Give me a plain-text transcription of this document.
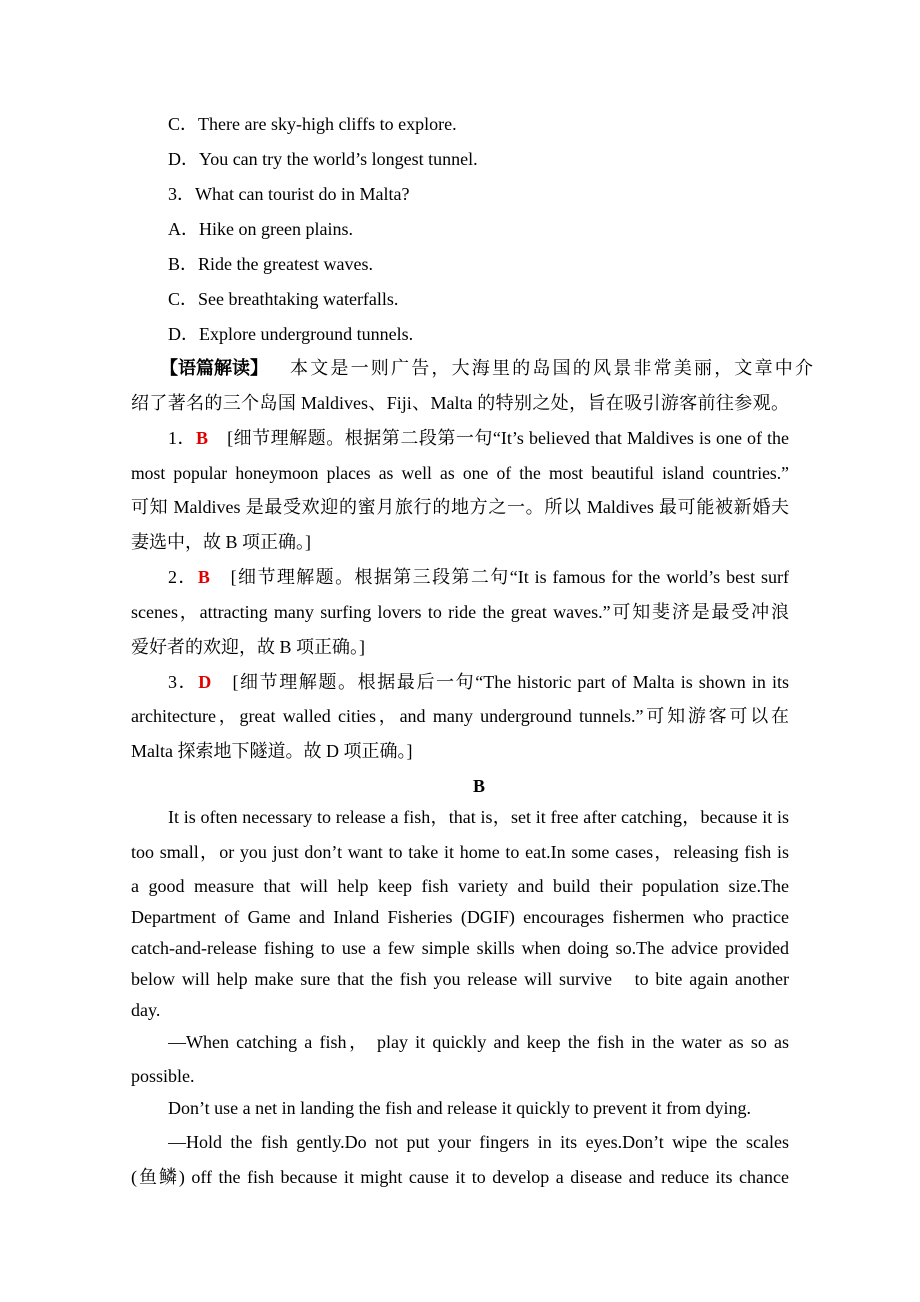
C．There are sky-high cliffs to explore.
D．You can try the world’s longest tunnel.
3．What can tourist do in Malta?
A．Hike on green plains.
B．Ride the greatest waves.
C．See breathtaking waterfalls.
D．Explore underground tunnels.
【语篇解读】 本文是一则广告，大海里的岛国的风景非常美丽，文章中介
绍了著名的三个岛国 Maldives、Fiji、Malta 的特别之处，旨在吸引游客前往参观。
1．B　 [细节理解题。根据第二段第一句“It’s believed that Maldives is one of the
most popular honeymoon places as well as one of the most beautiful island countries.”
可知 Maldives 是最受欢迎的蜜月旅行的地方之一。所以 Maldives 最可能被新婚夫
妻选中，故 B 项正确。]
2．B　 [细节理解题。根据第三段第二句“It is famous for the world’s best surf
scenes，attracting many surfing lovers to ride the great waves.”可知斐济是最受冲浪
爱好者的欢迎，故 B 项正确。]
3．D　 [细节理解题。根据最后一句“The historic part of Malta is shown in its
architecture，great walled cities，and many underground tunnels.”可知游客可以在
Malta 探索地下隧道。故 D 项正确。]
B
It is often necessary to release a fish，that is，set it free after catching，because it is
too small，or you just don’t want to take it home to eat.In some cases，releasing fish is
a good measure that will help keep fish variety and build their population size.The
Department of Game and Inland Fisheries (DGIF) encourages fishermen who practice
catch-and-release fishing to use a few simple skills when doing so.The advice provided
below will help make sure that the fish you release will survive　to bite again another
day.
—When catching a fish， play it quickly and keep the fish in the water as so as
possible.
Don’t use a net in landing the fish and release it quickly to prevent it from dying.
—Hold the fish gently.Do not put your fingers in its eyes.Don’t wipe the scales
(鱼鳞) off the fish because it might cause it to develop a disease and reduce its chance
